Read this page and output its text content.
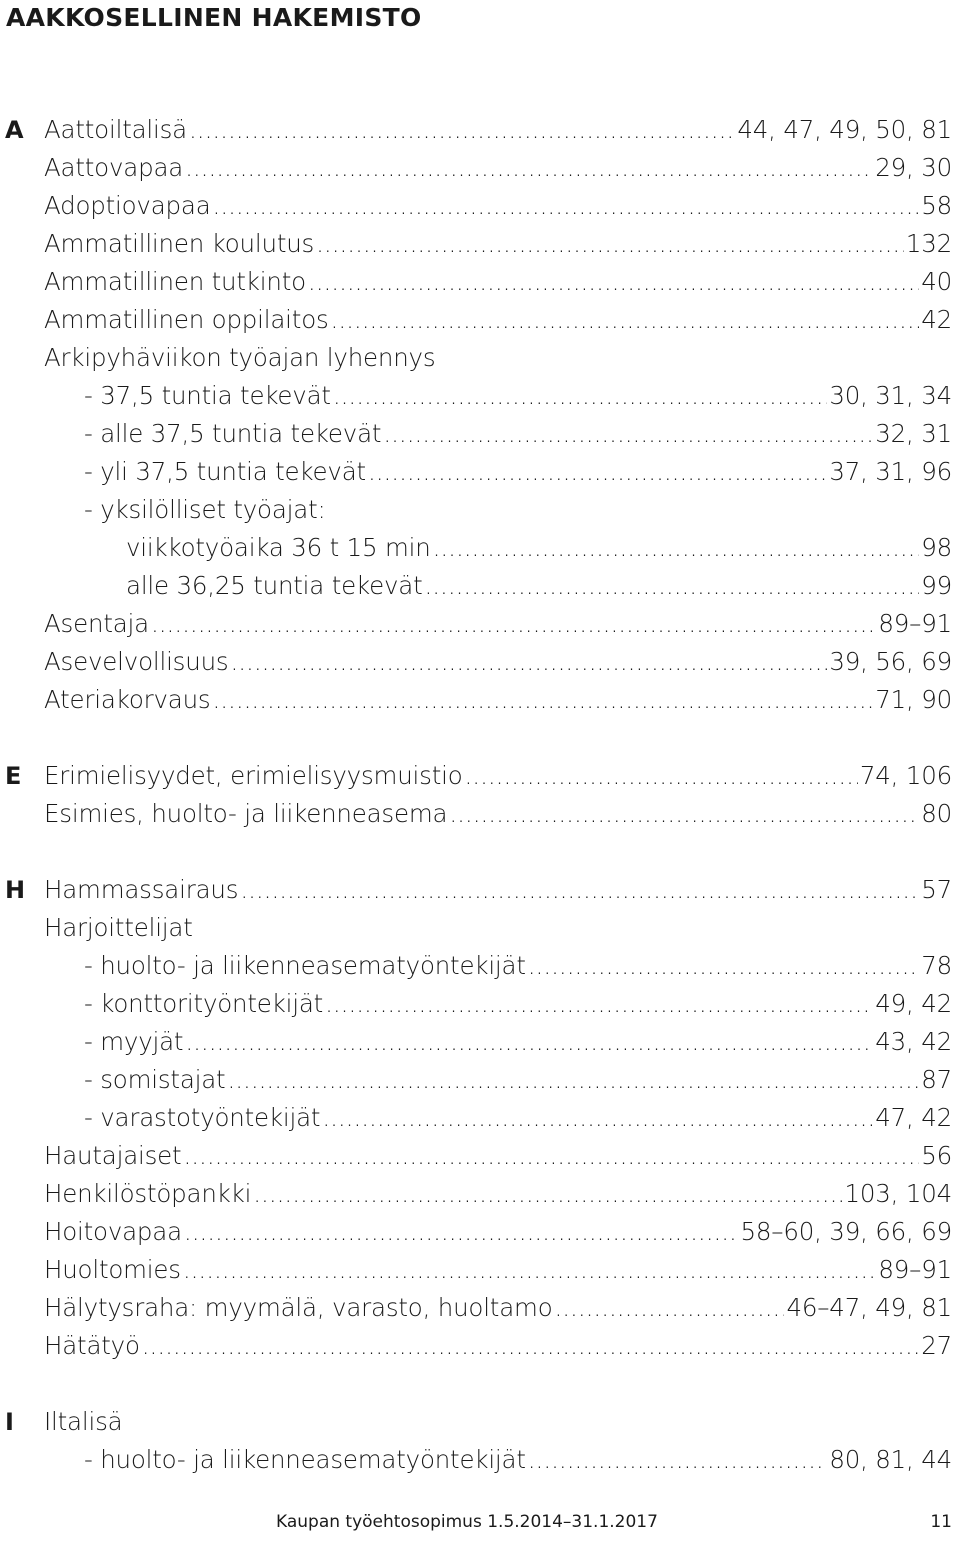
AAKKOSELLINEN HAKEMISTO
A Aattoiltalisä .....	44, 47, 49, 50, 81
Aattovapaa .....	29, 30
Adoptiovapaa .....	58
Ammatillinen koulutus .....	132
Ammatillinen tutkinto .....	40
Ammatillinen oppilaitos .....	42
Arkipyhäviikon työajan lyhennys
- 37,5 tuntia tekevät .....	30, 31, 34
- alle 37,5 tuntia tekevät .....	32, 31
- yli 37,5 tuntia tekevät .....	37, 31, 96
- yksilölliset työajat:
viikkotyöaika 36 t 15 min .....	98
alle 36,25 tuntia tekevät .....	99
Asentaja .....	89–91
Asevelvollisuus .....	39, 56, 69
Ateriakorvaus .....	71, 90
E Erimielisyydet, erimielisyysmuistio .....	74, 106
Esimies, huolto- ja liikenneasema .....	80
H Hammassairaus .....	57
Harjoittelijat
- huolto- ja liikenneasematyöntekijät .....	78
- konttorityöntekijät .....	49, 42
- myyjät .....	43, 42
- somistajat .....	87
- varastotyöntekijät .....	47, 42
Hautajaiset .....	56
Henkilöstöpankki .....	103, 104
Hoitovapaa .....	58–60, 39, 66, 69
Huoltomies .....	89–91
Hälytysraha: myymälä, varasto, huoltamo .....	46–47, 49, 81
Hätätyö .....	27
I Iltalisä
- huolto- ja liikenneasematyöntekijät .....	80, 81, 44
Kaupan työehtosopimus 1.5.2014–31.1.2017	11
